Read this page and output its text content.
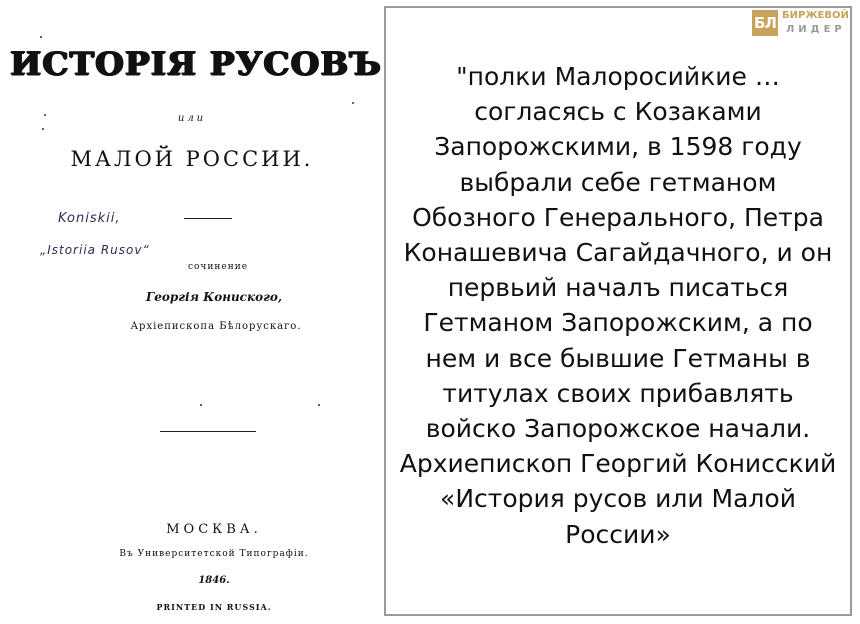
ИСТОРІЯ РУСОВЪ
или
МАЛОЙ РОССИИ.
Koniskii,
„Istoriia Rusov“
сочинение
Георгія Кониского,
Архіепископа Бѣлорускаго.
МОСКВА.
Въ Университетской Типографіи.
1846.
PRINTED IN RUSSIA.
"полки Малоросийкие …
согласясь с Козаками
Запорожскими, в 1598 году
выбрали себе гетманом
Обозного Генерального, Петра
Конашевича Сагайдачного, и он
первьий началъ писаться
Гетманом Запорожским, а по
нем и все бывшие Гетманы в
титулах своих прибавлять
войско Запорожское начали.
Архиепископ Георгий Конисский
«История русов или Малой
России»
БЛ БИРЖЕВОЙ
ЛИДЕР
